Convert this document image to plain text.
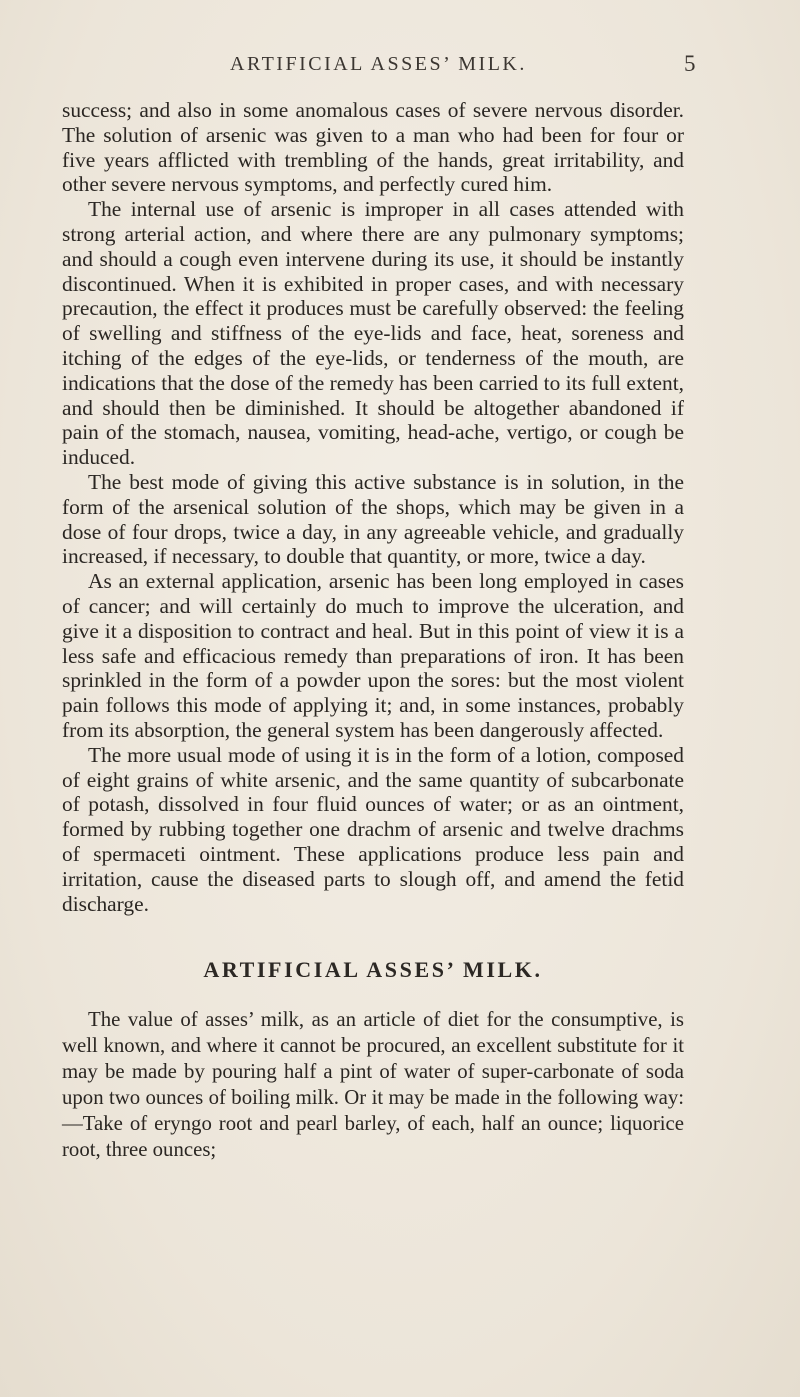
ARTIFICIAL ASSES’ MILK.	5

success; and also in some anomalous cases of severe nervous disorder. The solution of arsenic was given to a man who had been for four or five years afflicted with trembling of the hands, great irritability, and other severe nervous symptoms, and perfectly cured him.

The internal use of arsenic is improper in all cases attended with strong arterial action, and where there are any pulmonary symptoms; and should a cough even intervene during its use, it should be instantly discontinued. When it is exhibited in proper cases, and with necessary precaution, the effect it produces must be carefully observed: the feeling of swelling and stiffness of the eye-lids and face, heat, soreness and itching of the edges of the eye-lids, or tenderness of the mouth, are indications that the dose of the remedy has been carried to its full extent, and should then be diminished. It should be altogether abandoned if pain of the stomach, nausea, vomiting, head-ache, vertigo, or cough be induced.

The best mode of giving this active substance is in solution, in the form of the arsenical solution of the shops, which may be given in a dose of four drops, twice a day, in any agreeable vehicle, and gradually increased, if necessary, to double that quantity, or more, twice a day.

As an external application, arsenic has been long employed in cases of cancer; and will certainly do much to improve the ulceration, and give it a disposition to contract and heal. But in this point of view it is a less safe and efficacious remedy than preparations of iron. It has been sprinkled in the form of a powder upon the sores: but the most violent pain follows this mode of applying it; and, in some instances, probably from its absorption, the general system has been dangerously affected.

The more usual mode of using it is in the form of a lotion, composed of eight grains of white arsenic, and the same quantity of subcarbonate of potash, dissolved in four fluid ounces of water; or as an ointment, formed by rubbing together one drachm of arsenic and twelve drachms of spermaceti ointment. These applications produce less pain and irritation, cause the diseased parts to slough off, and amend the fetid discharge.

ARTIFICIAL ASSES’ MILK.

The value of asses’ milk, as an article of diet for the consumptive, is well known, and where it cannot be procured, an excellent substitute for it may be made by pouring half a pint of water of super-carbonate of soda upon two ounces of boiling milk. Or it may be made in the following way:—Take of eryngo root and pearl barley, of each, half an ounce; liquorice root, three ounces;
